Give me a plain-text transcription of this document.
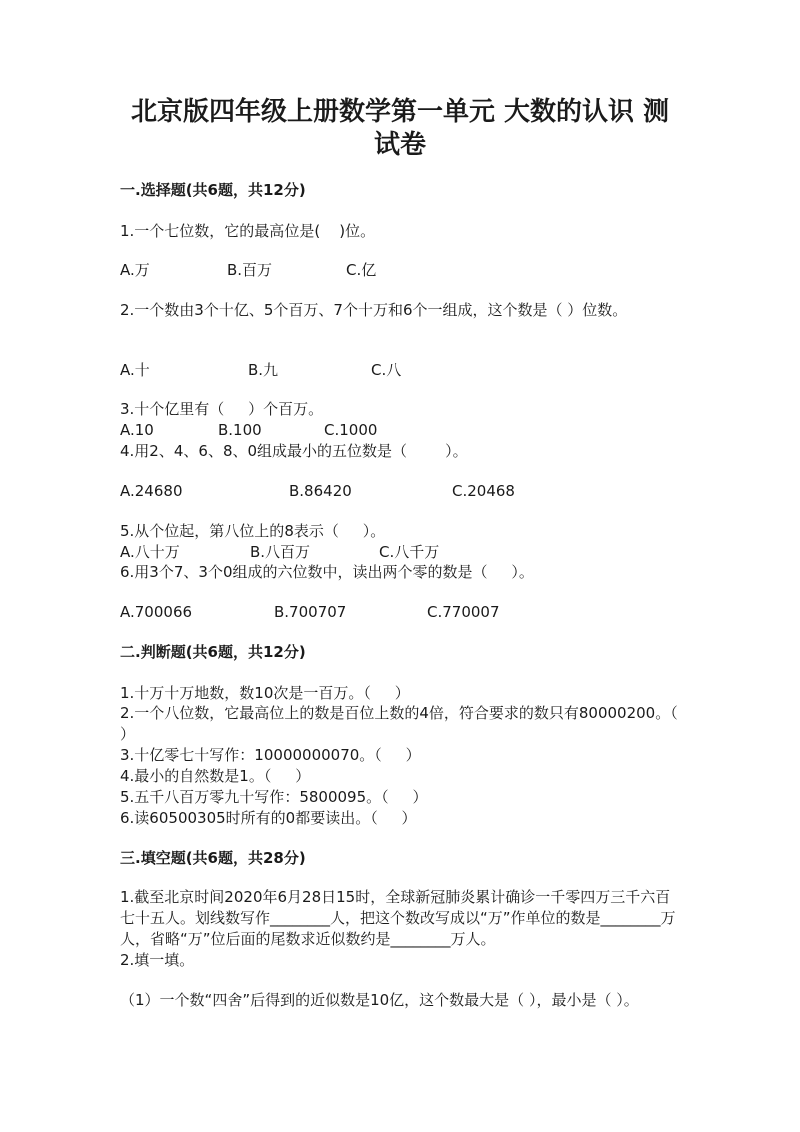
北京版四年级上册数学第一单元 大数的认识 测试卷
一.选择题(共6题，共12分)
1.一个七位数，它的最高位是(    )位。
A.万	B.百万	C.亿
2.一个数由3个十亿、5个百万、7个十万和6个一组成，这个数是（ ）位数。
A.十	B.九	C.八
3.十个亿里有（     ）个百万。
A.10	B.100	C.1000
4.用2、4、6、8、0组成最小的五位数是（        ）。
A.24680	B.86420	C.20468
5.从个位起，第八位上的8表示（     ）。
A.八十万	B.八百万	C.八千万
6.用3个7、3个0组成的六位数中，读出两个零的数是（     ）。
A.700066	B.700707	C.770007
二.判断题(共6题，共12分)
1.十万十万地数，数10次是一百万。（     ）
2.一个八位数，它最高位上的数是百位上数的4倍，符合要求的数只有80000200。（ ）
3.十亿零七十写作：10000000070。（     ）
4.最小的自然数是1。（     ）
5.五千八百万零九十写作：5800095。（     ）
6.读60500305时所有的0都要读出。（     ）
三.填空题(共6题，共28分)
1.截至北京时间2020年6月28日15时，全球新冠肺炎累计确诊一千零四万三千六百七十五人。划线数写作________人，把这个数改写成以“万”作单位的数是________万人，省略“万”位后面的尾数求近似数约是________万人。
2.填一填。
（1）一个数“四舍”后得到的近似数是10亿，这个数最大是（ ），最小是（ ）。
